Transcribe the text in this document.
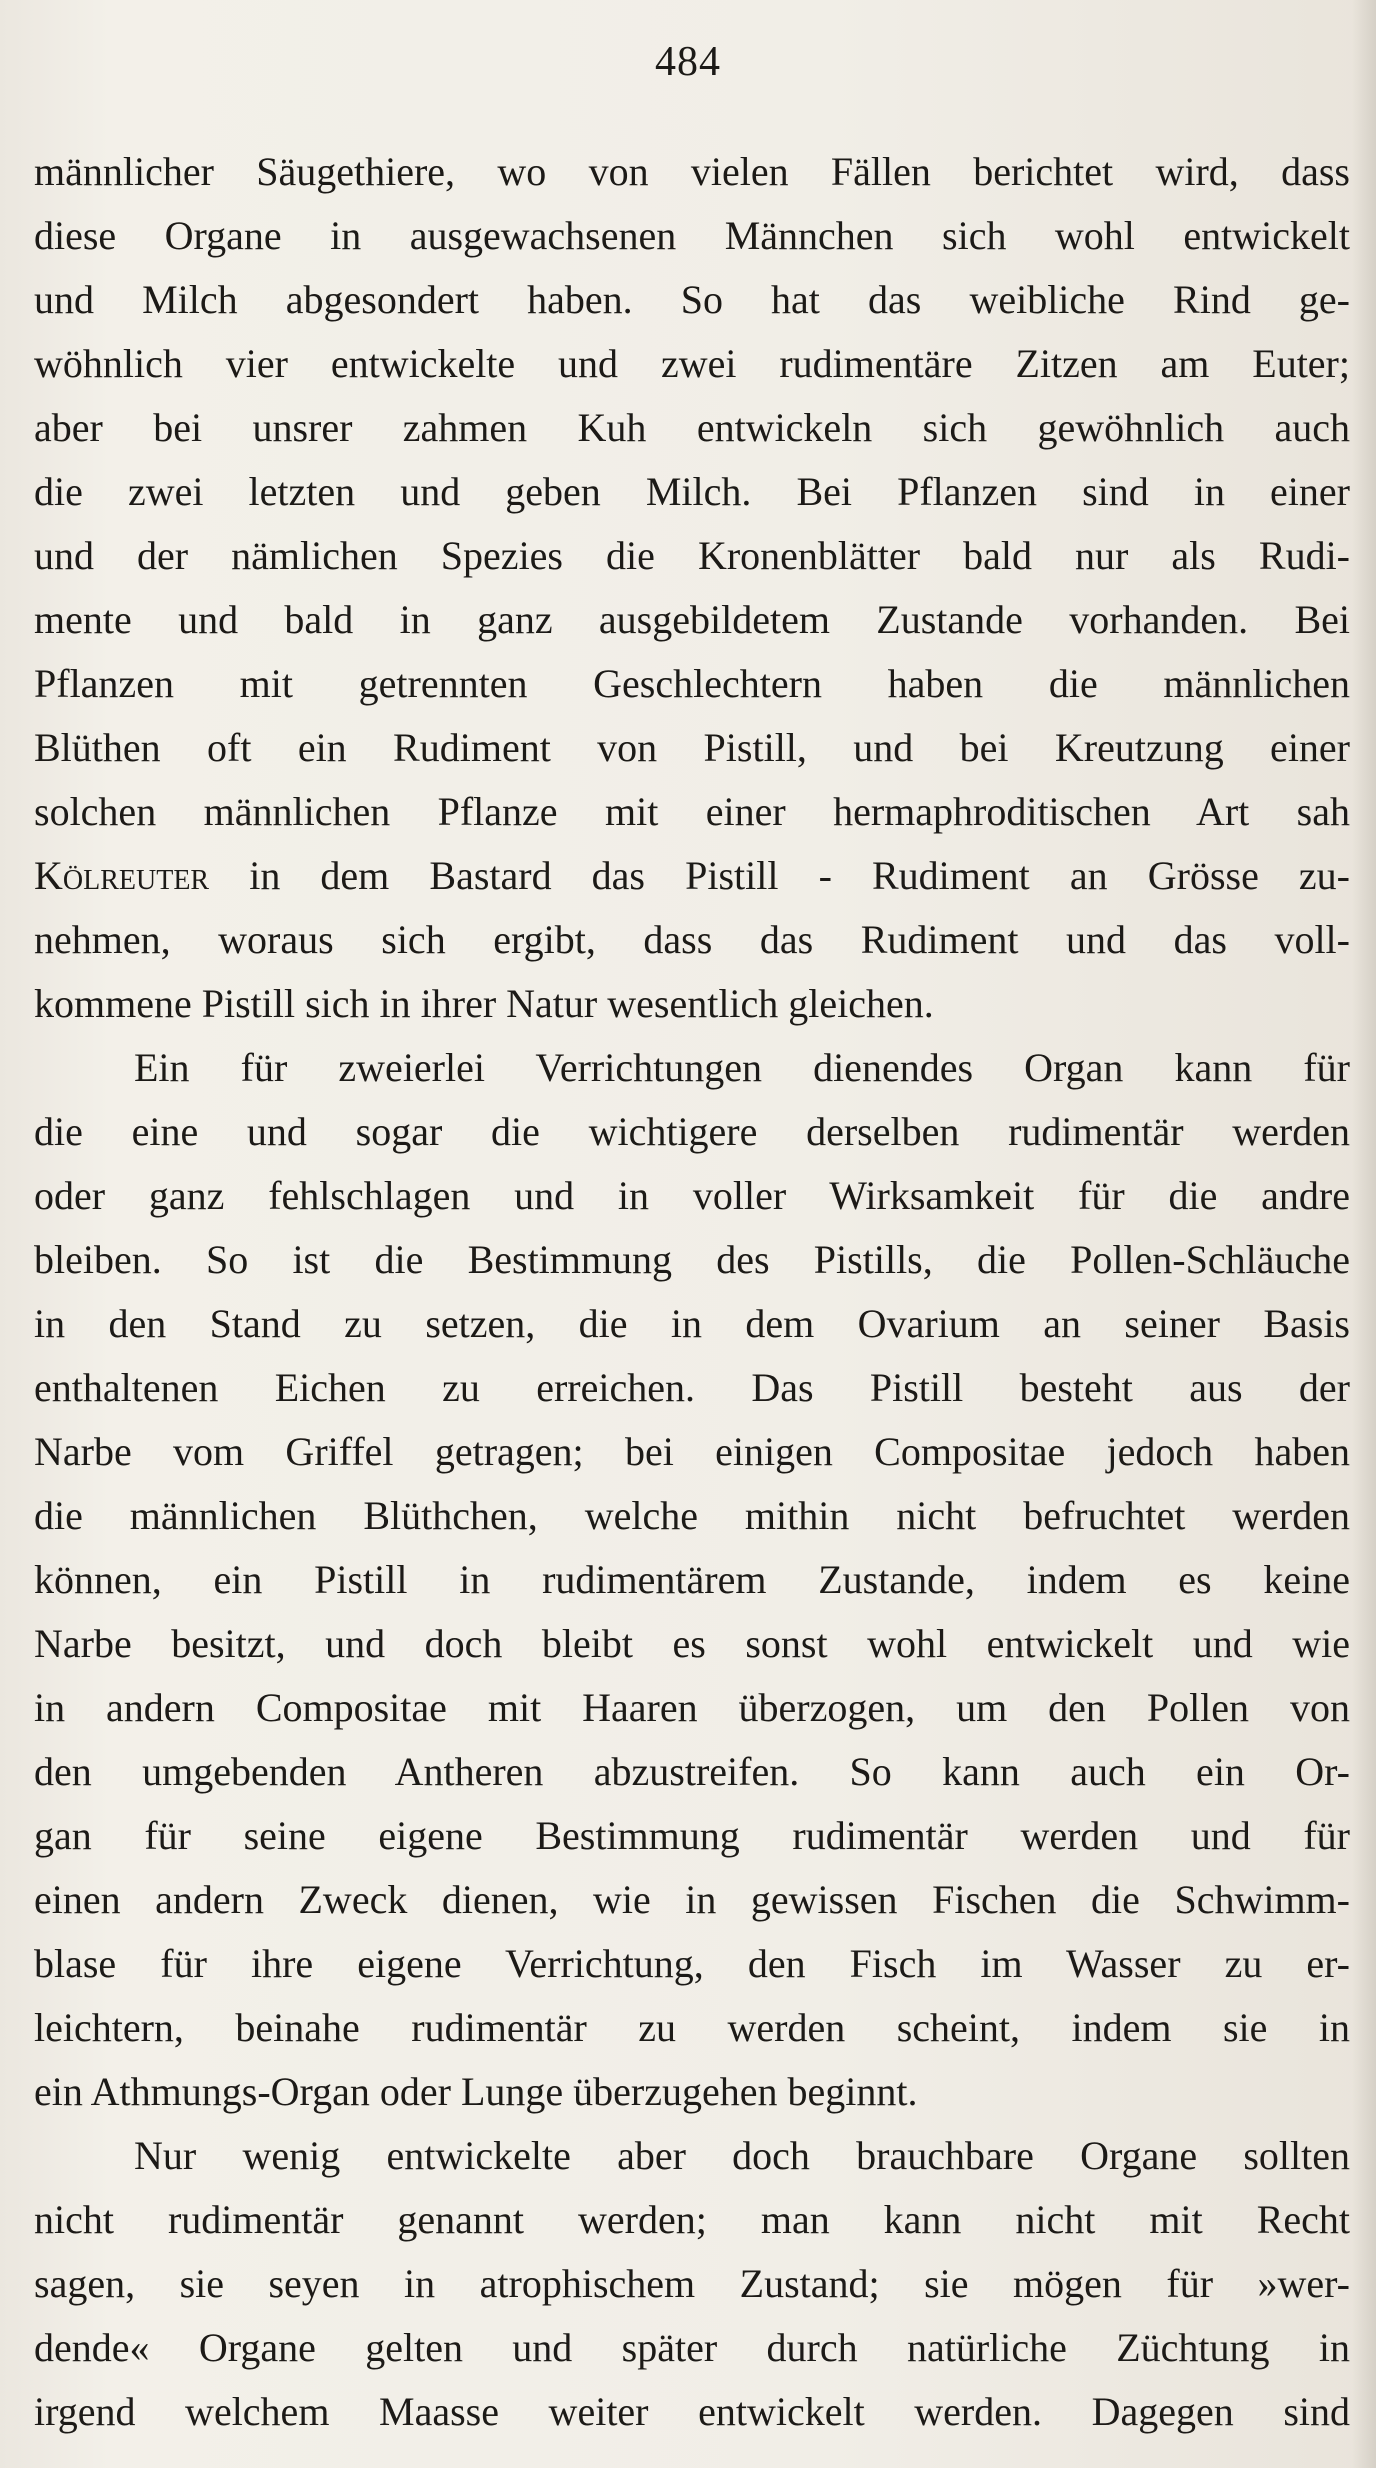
484
männlicher Säugethiere, wo von vielen Fällen berichtet wird, dass
diese Organe in ausgewachsenen Männchen sich wohl entwickelt
und Milch abgesondert haben. So hat das weibliche Rind ge-
wöhnlich vier entwickelte und zwei rudimentäre Zitzen am Euter;
aber bei unsrer zahmen Kuh entwickeln sich gewöhnlich auch
die zwei letzten und geben Milch. Bei Pflanzen sind in einer
und der nämlichen Spezies die Kronenblätter bald nur als Rudi-
mente und bald in ganz ausgebildetem Zustande vorhanden. Bei
Pflanzen mit getrennten Geschlechtern haben die männlichen
Blüthen oft ein Rudiment von Pistill, und bei Kreutzung einer
solchen männlichen Pflanze mit einer hermaphroditischen Art sah
Kölreuter in dem Bastard das Pistill - Rudiment an Grösse zu-
nehmen, woraus sich ergibt, dass das Rudiment und das voll-
kommene Pistill sich in ihrer Natur wesentlich gleichen.
Ein für zweierlei Verrichtungen dienendes Organ kann für
die eine und sogar die wichtigere derselben rudimentär werden
oder ganz fehlschlagen und in voller Wirksamkeit für die andre
bleiben. So ist die Bestimmung des Pistills, die Pollen-Schläuche
in den Stand zu setzen, die in dem Ovarium an seiner Basis
enthaltenen Eichen zu erreichen. Das Pistill besteht aus der
Narbe vom Griffel getragen; bei einigen Compositae jedoch haben
die männlichen Blüthchen, welche mithin nicht befruchtet werden
können, ein Pistill in rudimentärem Zustande, indem es keine
Narbe besitzt, und doch bleibt es sonst wohl entwickelt und wie
in andern Compositae mit Haaren überzogen, um den Pollen von
den umgebenden Antheren abzustreifen. So kann auch ein Or-
gan für seine eigene Bestimmung rudimentär werden und für
einen andern Zweck dienen, wie in gewissen Fischen die Schwimm-
blase für ihre eigene Verrichtung, den Fisch im Wasser zu er-
leichtern, beinahe rudimentär zu werden scheint, indem sie in
ein Athmungs-Organ oder Lunge überzugehen beginnt.
Nur wenig entwickelte aber doch brauchbare Organe sollten
nicht rudimentär genannt werden; man kann nicht mit Recht
sagen, sie seyen in atrophischem Zustand; sie mögen für »wer-
dende« Organe gelten und später durch natürliche Züchtung in
irgend welchem Maasse weiter entwickelt werden. Dagegen sind
